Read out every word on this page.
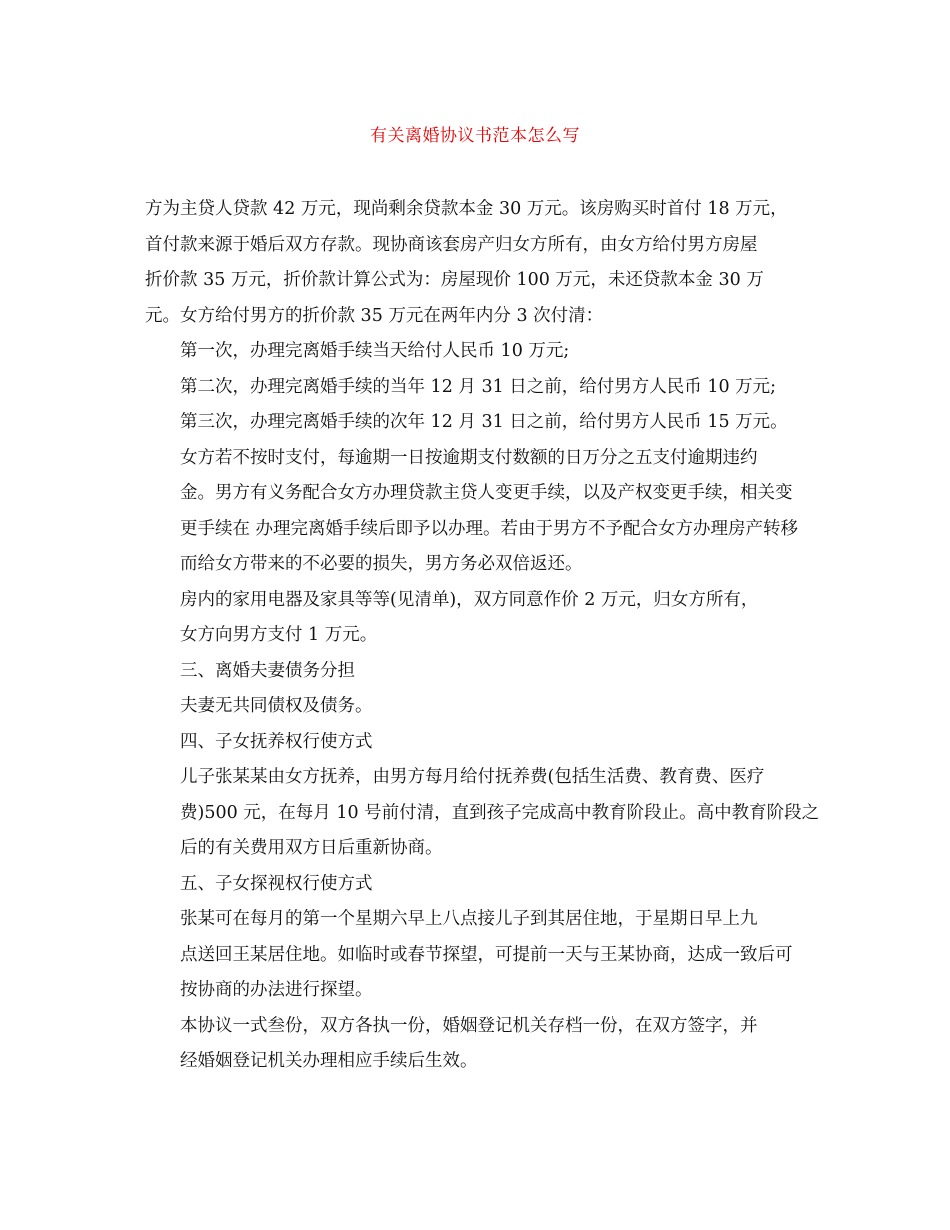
有关离婚协议书范本怎么写
方为主贷人贷款 42 万元，现尚剩余贷款本金 30 万元。该房购买时首付 18 万元，
首付款来源于婚后双方存款。现协商该套房产归女方所有，由女方给付男方房屋
折价款 35 万元，折价款计算公式为：房屋现价 100 万元，未还贷款本金 30 万
元。女方给付男方的折价款 35 万元在两年内分 3 次付清：
第一次，办理完离婚手续当天给付人民币 10 万元;
第二次，办理完离婚手续的当年 12 月 31 日之前，给付男方人民币 10 万元;
第三次，办理完离婚手续的次年 12 月 31 日之前，给付男方人民币 15 万元。
女方若不按时支付，每逾期一日按逾期支付数额的日万分之五支付逾期违约
金。男方有义务配合女方办理贷款主贷人变更手续，以及产权变更手续，相关变
更手续在 办理完离婚手续后即予以办理。若由于男方不予配合女方办理房产转移
而给女方带来的不必要的损失，男方务必双倍返还。
房内的家用电器及家具等等(见清单)，双方同意作价 2 万元，归女方所有，
女方向男方支付 1 万元。
三、离婚夫妻债务分担
夫妻无共同债权及债务。
四、子女抚养权行使方式
儿子张某某由女方抚养，由男方每月给付抚养费(包括生活费、教育费、医疗
费)500 元，在每月 10 号前付清，直到孩子完成高中教育阶段止。高中教育阶段之
后的有关费用双方日后重新协商。
五、子女探视权行使方式
张某可在每月的第一个星期六早上八点接儿子到其居住地，于星期日早上九
点送回王某居住地。如临时或春节探望，可提前一天与王某协商，达成一致后可
按协商的办法进行探望。
本协议一式叁份，双方各执一份，婚姻登记机关存档一份，在双方签字，并
经婚姻登记机关办理相应手续后生效。
